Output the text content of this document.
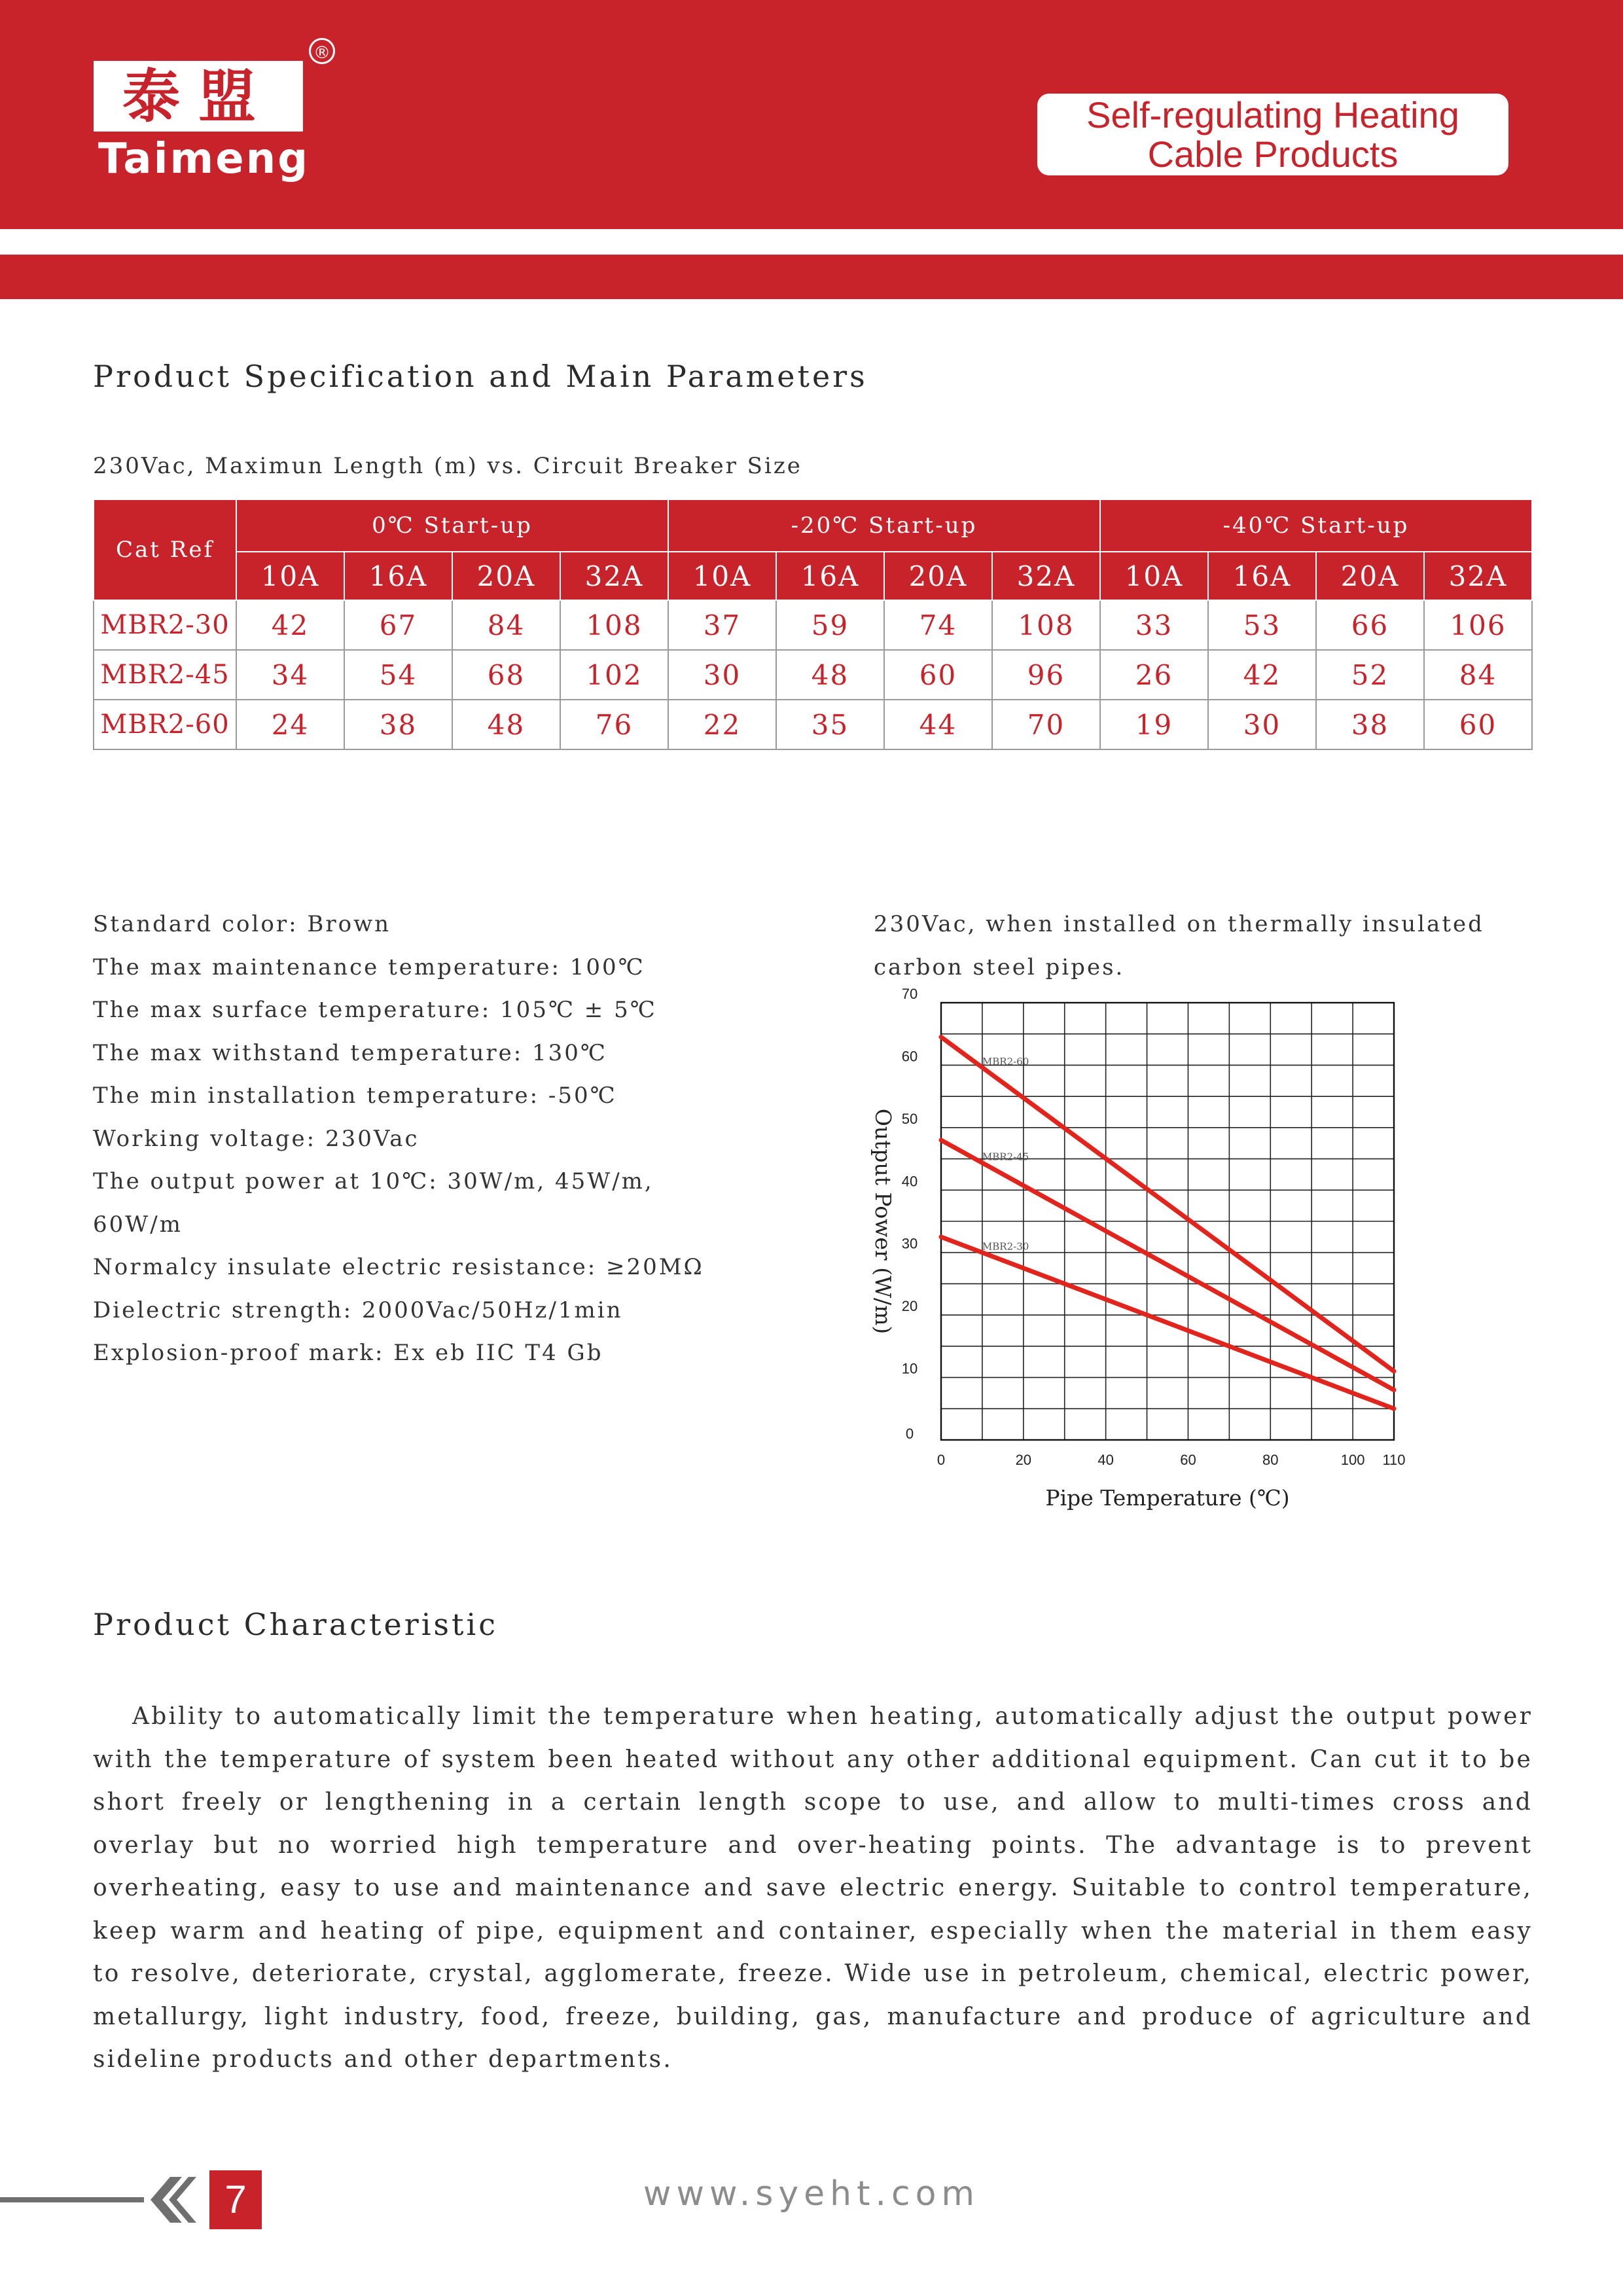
泰盟
®
Taimeng
Self-regulating Heating
Cable Products
Product Specification and Main Parameters
230Vac, Maximun Length (m) vs. Circuit Breaker Size
Cat Ref	0℃ Start-up				-20℃ Start-up				-40℃ Start-up			
	10A	16A	20A	32A	10A	16A	20A	32A	10A	16A	20A	32A
MBR2-30	42	67	84	108	37	59	74	108	33	53	66	106
MBR2-45	34	54	68	102	30	48	60	96	26	42	52	84
MBR2-60	24	38	48	76	22	35	44	70	19	30	38	60
Standard color: Brown
The max maintenance temperature: 100℃
The max surface temperature: 105℃ ± 5℃
The max withstand temperature: 130℃
The min installation temperature: -50℃
Working voltage: 230Vac
The output power at 10℃: 30W/m, 45W/m,
60W/m
Normalcy insulate electric resistance: ≥20MΩ
Dielectric strength: 2000Vac/50Hz/1min
Explosion-proof mark: Ex eb IIC T4 Gb
230Vac, when installed on thermally insulated
carbon steel pipes.
0	20	40	60	80	100 110
0
10
20
30
40
50
60
70
Pipe Temperature (℃)
Output Power (W/m)
MBR2-60
MBR2-45
MBR2-30
Product Characteristic
Ability to automatically limit the temperature when heating, automatically adjust the output power with the temperature of system been heated without any other additional equipment. Can cut it to be short freely or lengthening in a certain length scope to use, and allow to multi-times cross and overlay but no worried high temperature and over-heating points. The advantage is to prevent overheating, easy to use and maintenance and save electric energy. Suitable to control temperature, keep warm and heating of pipe, equipment and container, especially when the material in them easy to resolve, deteriorate, crystal, agglomerate, freeze. Wide use in petroleum, chemical, electric power, metallurgy, light industry, food, freeze, building, gas, manufacture and produce of agriculture and sideline products and other departments.
7	www.syeht.com
